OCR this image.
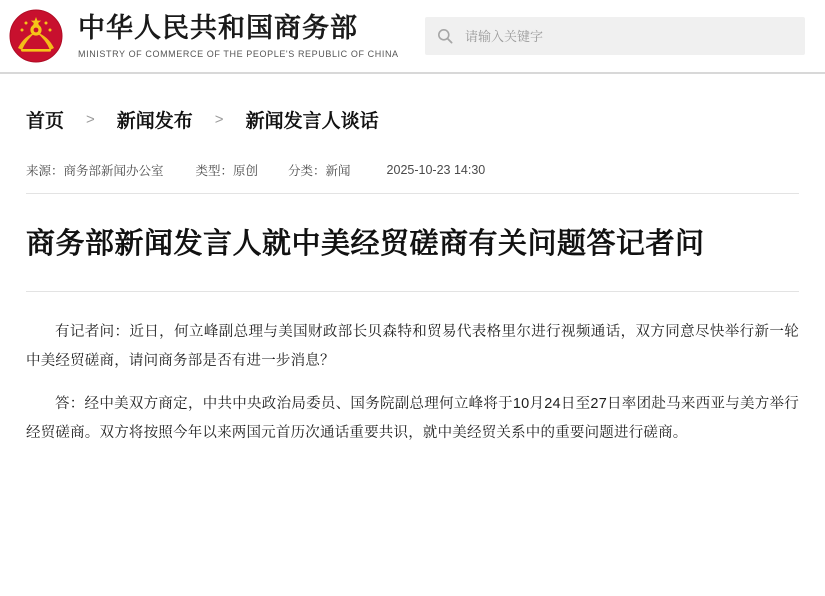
中华人民共和国商务部
MINISTRY OF COMMERCE OF THE PEOPLE'S REPUBLIC OF CHINA
请输入关键字
首页	>	新闻发布	>	新闻发言人谈话
来源：商务部新闻办公室	类型：原创 分类：新闻	2025-10-23 14:30
商务部新闻发言人就中美经贸磋商有关问题答记者问

有记者问：近日，何立峰副总理与美国财政部长贝森特和贸易代表格里尔进行视频通话，双方同意尽快举行新一轮中美经贸磋商，请问商务部是否有进一步消息？

答：经中美双方商定，中共中央政治局委员、国务院副总理何立峰将于10月24日至27日率团赴马来西亚与美方举行经贸磋商。双方将按照今年以来两国元首历次通话重要共识，就中美经贸关系中的重要问题进行磋商。
